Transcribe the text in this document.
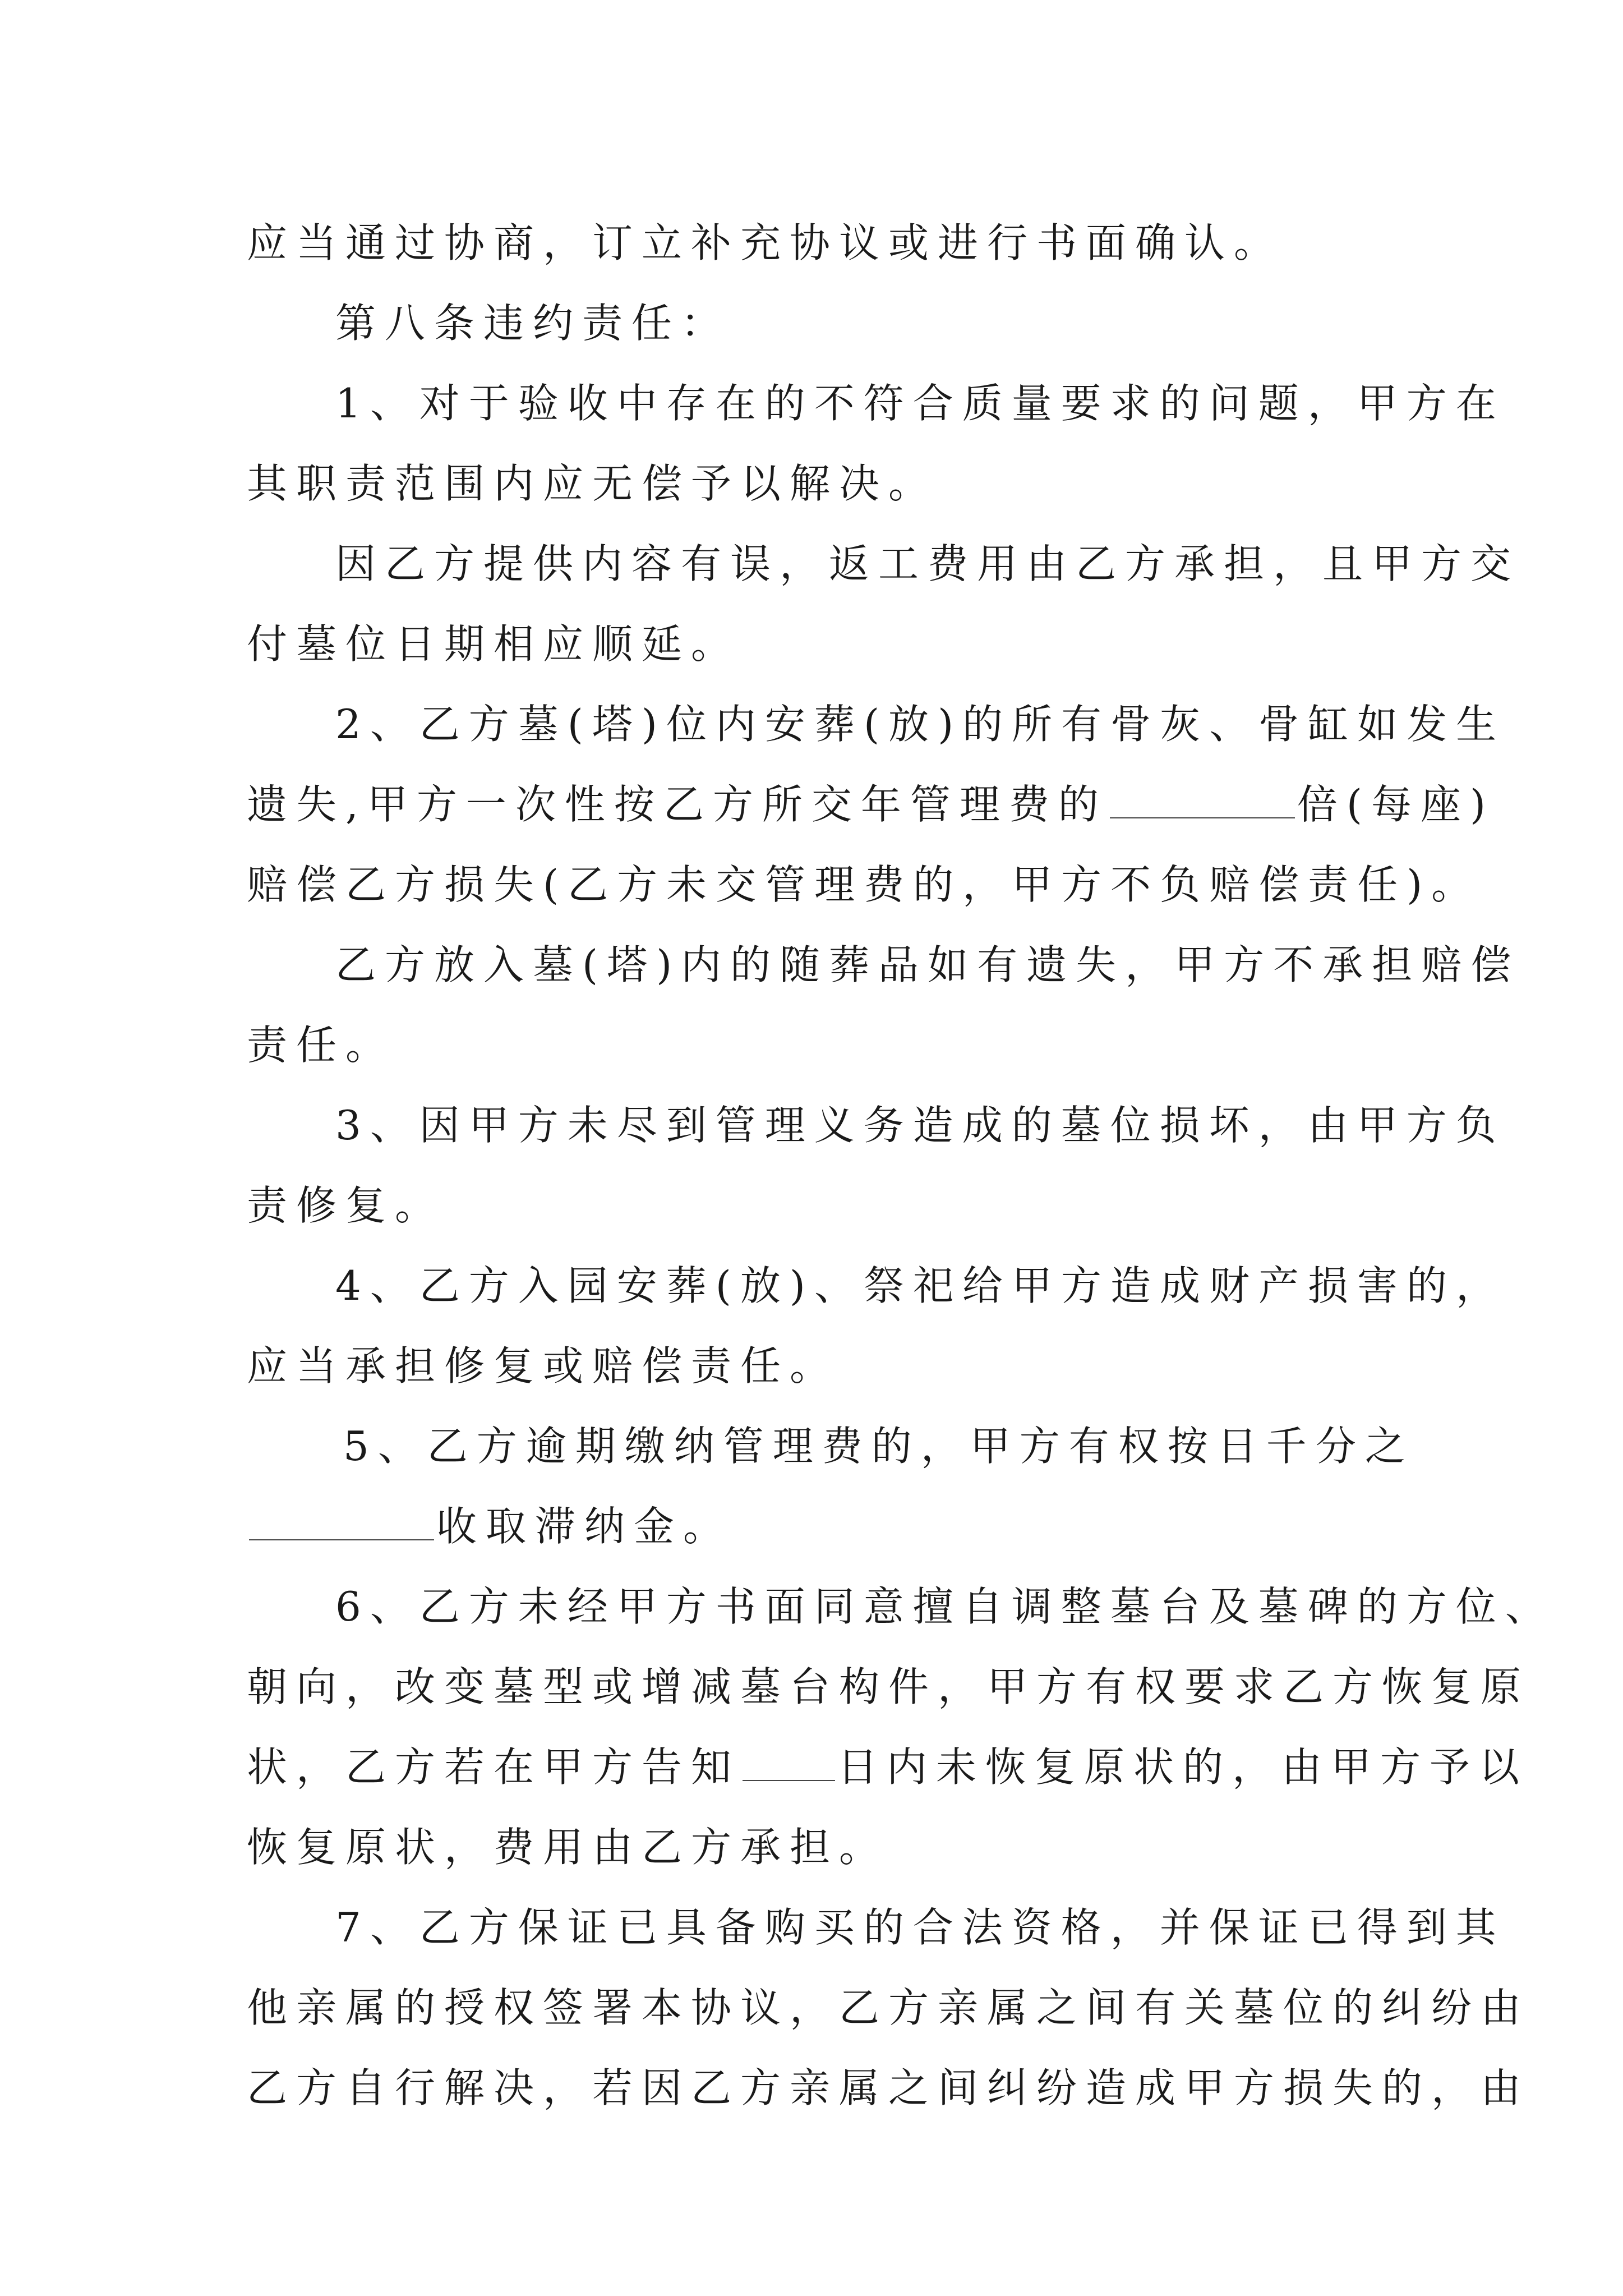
应当通过协商，订立补充协议或进行书面确认。

第八条违约责任：

1、对于验收中存在的不符合质量要求的问题，甲方在
其职责范围内应无偿予以解决。

因乙方提供内容有误，返工费用由乙方承担，且甲方交
付墓位日期相应顺延。

2、乙方墓(塔)位内安葬(放)的所有骨灰、骨缸如发生
遗失,甲方一次性按乙方所交年管理费的	倍(每座)
赔偿乙方损失(乙方未交管理费的，甲方不负赔偿责任)。

乙方放入墓(塔)内的随葬品如有遗失，甲方不承担赔偿
责任。

3、因甲方未尽到管理义务造成的墓位损坏，由甲方负
责修复。

4、乙方入园安葬(放)、祭祀给甲方造成财产损害的，
应当承担修复或赔偿责任。

5、乙方逾期缴纳管理费的，甲方有权按日千分之
收取滞纳金。

6、乙方未经甲方书面同意擅自调整墓台及墓碑的方位、
朝向，改变墓型或增减墓台构件，甲方有权要求乙方恢复原
状，乙方若在甲方告知 日内未恢复原状的，由甲方予以
恢复原状，费用由乙方承担。

7、乙方保证已具备购买的合法资格，并保证已得到其
他亲属的授权签署本协议，乙方亲属之间有关墓位的纠纷由
乙方自行解决，若因乙方亲属之间纠纷造成甲方损失的，由
